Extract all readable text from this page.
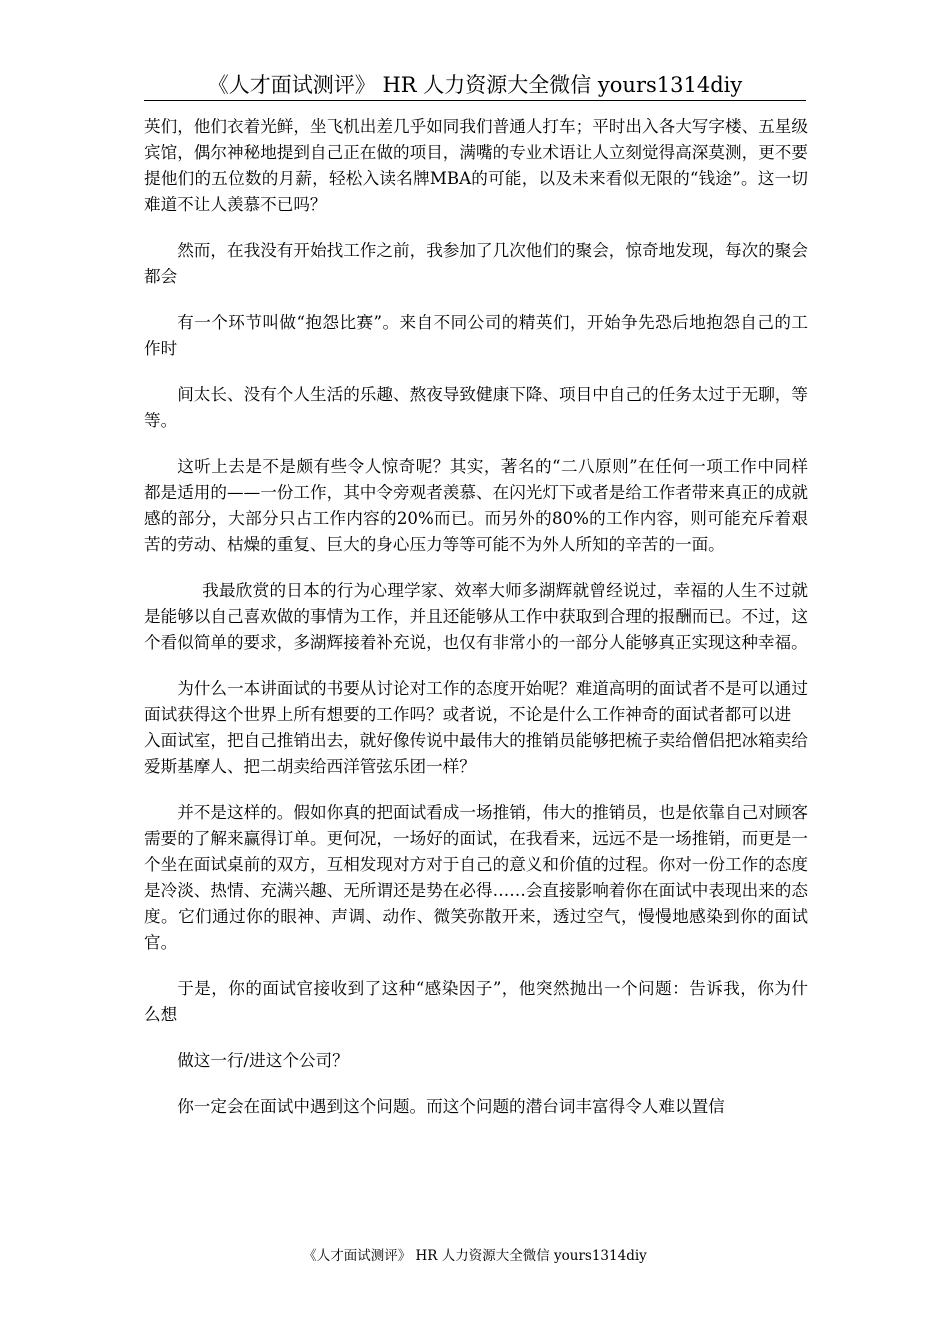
《人才面试测评》 HR 人力资源大全微信 yours1314diy

英们，他们衣着光鲜，坐飞机出差几乎如同我们普通人打车；平时出入各大写字楼、五星级宾馆，偶尔神秘地提到自己正在做的项目，满嘴的专业术语让人立刻觉得高深莫测，更不要提他们的五位数的月薪，轻松入读名牌MBA的可能，以及未来看似无限的“钱途”。这一切难道不让人羡慕不已吗？

然而，在我没有开始找工作之前，我参加了几次他们的聚会，惊奇地发现，每次的聚会都会

有一个环节叫做“抱怨比赛”。来自不同公司的精英们，开始争先恐后地抱怨自己的工作时

间太长、没有个人生活的乐趣、熬夜导致健康下降、项目中自己的任务太过于无聊，等等。

这听上去是不是颇有些令人惊奇呢？其实，著名的“二八原则”在任何一项工作中同样都是适用的——一份工作，其中令旁观者羡慕、在闪光灯下或者是给工作者带来真正的成就感的部分，大部分只占工作内容的20%而已。而另外的80%的工作内容，则可能充斥着艰苦的劳动、枯燥的重复、巨大的身心压力等等可能不为外人所知的辛苦的一面。

我最欣赏的日本的行为心理学家、效率大师多湖辉就曾经说过，幸福的人生不过就是能够以自己喜欢做的事情为工作，并且还能够从工作中获取到合理的报酬而已。不过，这个看似简单的要求，多湖辉接着补充说，也仅有非常小的一部分人能够真正实现这种幸福。

为什么一本讲面试的书要从讨论对工作的态度开始呢？难道高明的面试者不是可以通过面试获得这个世界上所有想要的工作吗？或者说，不论是什么工作神奇的面试者都可以进

入面试室，把自己推销出去，就好像传说中最伟大的推销员能够把梳子卖给僧侣把冰箱卖给爱斯基摩人、把二胡卖给西洋管弦乐团一样？

并不是这样的。假如你真的把面试看成一场推销，伟大的推销员，也是依靠自己对顾客需要的了解来赢得订单。更何况，一场好的面试，在我看来，远远不是一场推销，而更是一个坐在面试桌前的双方，互相发现对方对于自己的意义和价值的过程。你对一份工作的态度是冷淡、热情、充满兴趣、无所谓还是势在必得……会直接影响着你在面试中表现出来的态度。它们通过你的眼神、声调、动作、微笑弥散开来，透过空气，慢慢地感染到你的面试官。

于是，你的面试官接收到了这种“感染因子”，他突然抛出一个问题：告诉我，你为什么想

做这一行/进这个公司？

你一定会在面试中遇到这个问题。而这个问题的潜台词丰富得令人难以置信

《人才面试测评》 HR 人力资源大全微信 yours1314diy
